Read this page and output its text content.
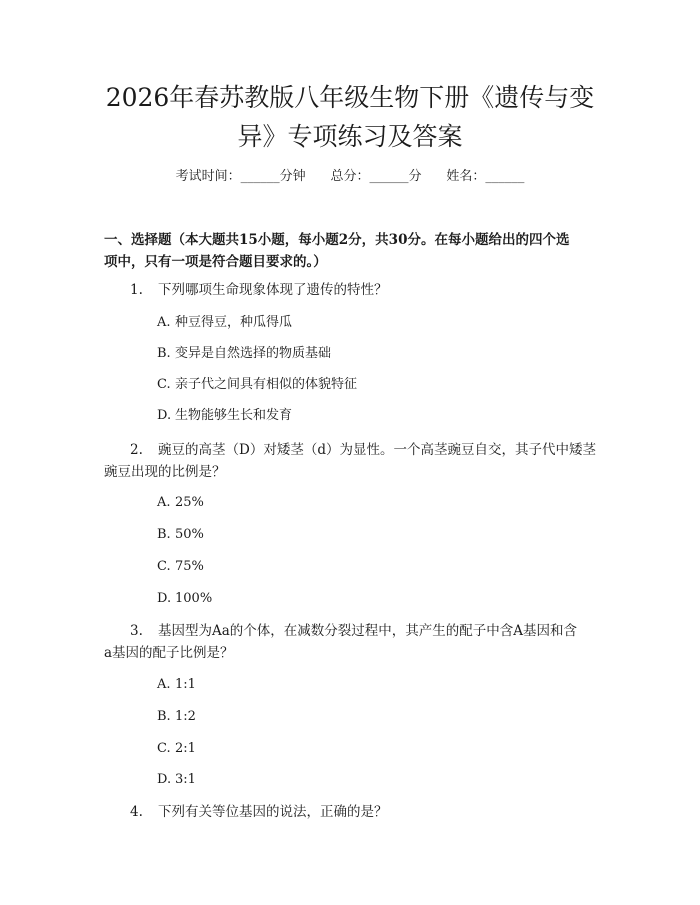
2026年春苏教版八年级生物下册《遗传与变
异》专项练习及答案
考试时间：______分钟 总分：______分 姓名：______
一、选择题（本大题共15小题，每小题2分，共30分。在每小题给出的四个选
项中，只有一项是符合题目要求的。）
1.	下列哪项生命现象体现了遗传的特性？
A. 种豆得豆，种瓜得瓜
B. 变异是自然选择的物质基础
C. 亲子代之间具有相似的体貌特征
D. 生物能够生长和发育
2.	豌豆的高茎（D）对矮茎（d）为显性。一个高茎豌豆自交，其子代中矮茎
豌豆出现的比例是？
A. 25%
B. 50%
C. 75%
D. 100%
3.	基因型为Aa的个体，在减数分裂过程中，其产生的配子中含A基因和含
a基因的配子比例是？
A. 1:1
B. 1:2
C. 2:1
D. 3:1
4.	下列有关等位基因的说法，正确的是？
